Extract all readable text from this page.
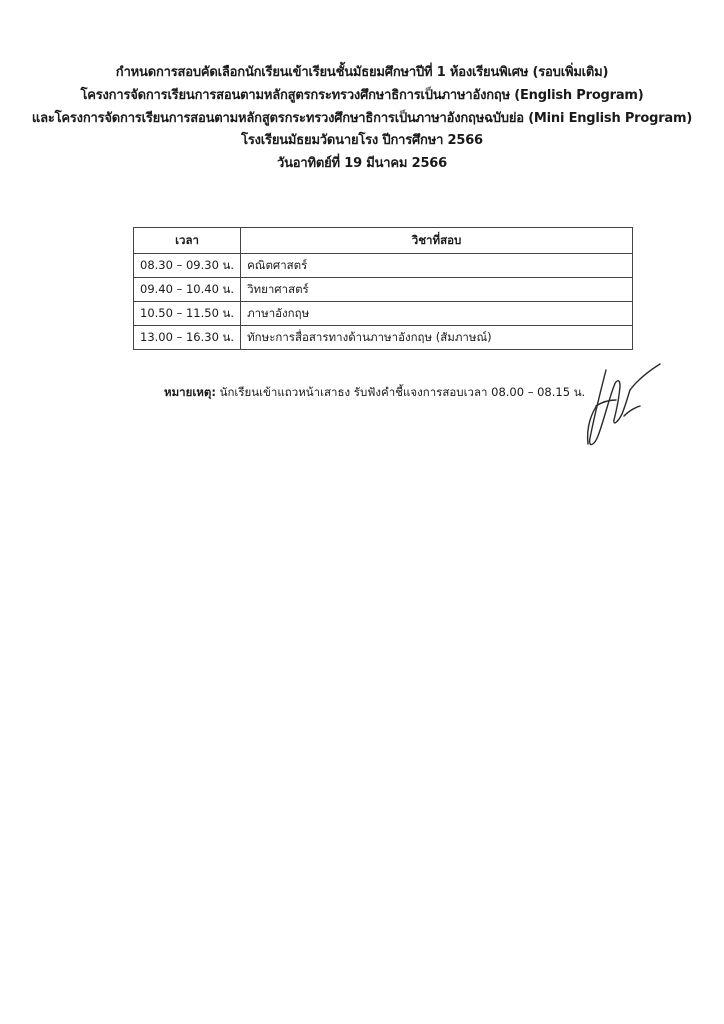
กำหนดการสอบคัดเลือกนักเรียนเข้าเรียนชั้นมัธยมศึกษาปีที่ 1 ห้องเรียนพิเศษ (รอบเพิ่มเติม)
โครงการจัดการเรียนการสอนตามหลักสูตรกระทรวงศึกษาธิการเป็นภาษาอังกฤษ (English Program)
และโครงการจัดการเรียนการสอนตามหลักสูตรกระทรวงศึกษาธิการเป็นภาษาอังกฤษฉบับย่อ (Mini English Program)
โรงเรียนมัธยมวัดนายโรง ปีการศึกษา 2566
วันอาทิตย์ที่ 19 มีนาคม 2566
เวลา	วิชาที่สอบ
08.30 – 09.30 น.	คณิตศาสตร์
09.40 – 10.40 น.	วิทยาศาสตร์
10.50 – 11.50 น.	ภาษาอังกฤษ
13.00 – 16.30 น.	ทักษะการสื่อสารทางด้านภาษาอังกฤษ (สัมภาษณ์)
หมายเหตุ: นักเรียนเข้าแถวหน้าเสาธง รับฟังคำชี้แจงการสอบเวลา 08.00 – 08.15 น.
